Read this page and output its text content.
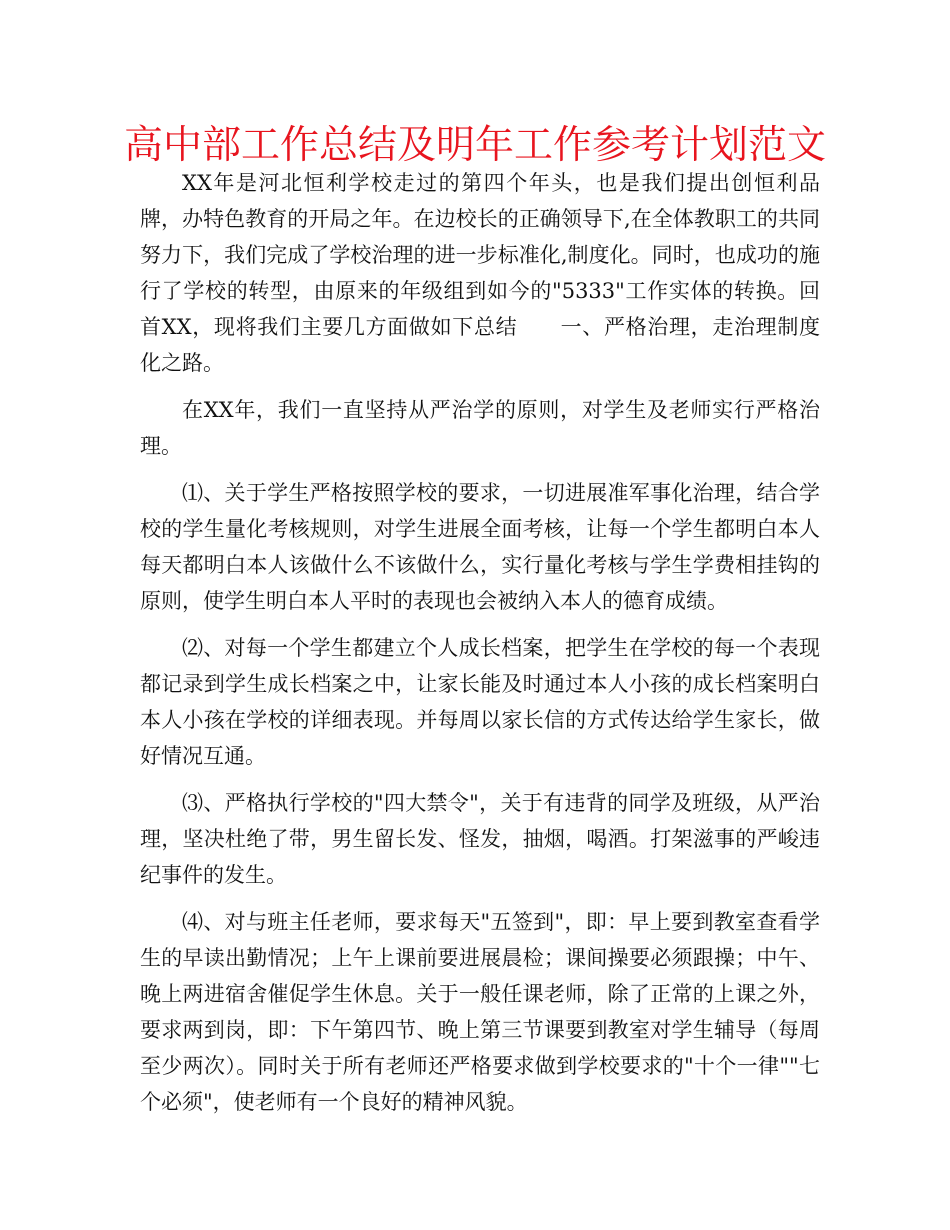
高中部工作总结及明年工作参考计划范文

XX年是河北恒利学校走过的第四个年头，也是我们提出创恒利品牌，办特色教育的开局之年。在边校长的正确领导下,在全体教职工的共同努力下，我们完成了学校治理的进一步标准化,制度化。同时，也成功的施行了学校的转型，由原来的年级组到如今的"5333"工作实体的转换。回首XX，现将我们主要几方面做如下总结　　一、严格治理，走治理制度化之路。

在XX年，我们一直坚持从严治学的原则，对学生及老师实行严格治理。

⑴、关于学生严格按照学校的要求，一切进展准军事化治理，结合学校的学生量化考核规则，对学生进展全面考核，让每一个学生都明白本人每天都明白本人该做什么不该做什么，实行量化考核与学生学费相挂钩的原则，使学生明白本人平时的表现也会被纳入本人的德育成绩。

⑵、对每一个学生都建立个人成长档案，把学生在学校的每一个表现都记录到学生成长档案之中，让家长能及时通过本人小孩的成长档案明白本人小孩在学校的详细表现。并每周以家长信的方式传达给学生家长，做好情况互通。

⑶、严格执行学校的"四大禁令"，关于有违背的同学及班级，从严治理，坚决杜绝了带，男生留长发、怪发，抽烟，喝酒。打架滋事的严峻违纪事件的发生。

⑷、对与班主任老师，要求每天"五签到"，即：早上要到教室查看学生的早读出勤情况；上午上课前要进展晨检；课间操要必须跟操；中午、晚上两进宿舍催促学生休息。关于一般任课老师，除了正常的上课之外，要求两到岗，即：下午第四节、晚上第三节课要到教室对学生辅导（每周至少两次）。同时关于所有老师还严格要求做到学校要求的"十个一律""七个必须"，使老师有一个良好的精神风貌。
